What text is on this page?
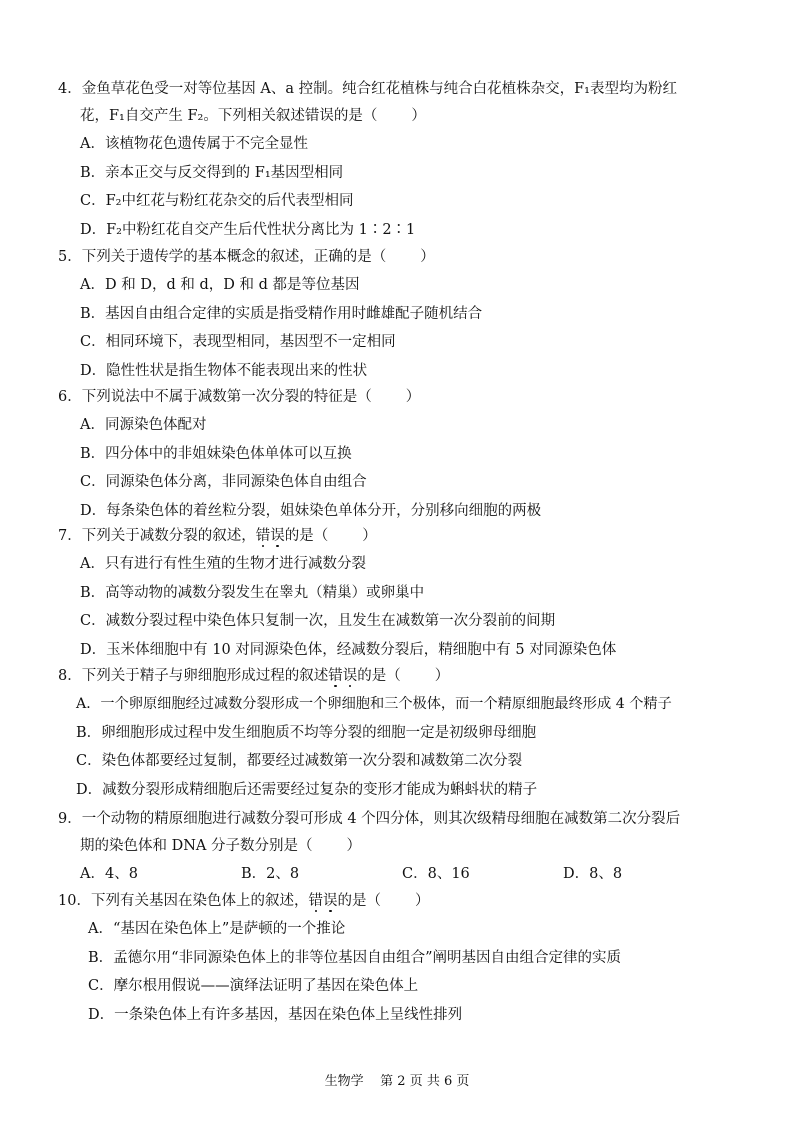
4．金鱼草花色受一对等位基因 A、a 控制。纯合红花植株与纯合白花植株杂交，F₁表型均为粉红
花，F₁自交产生 F₂。下列相关叙述错误的是（ ）
A．该植物花色遗传属于不完全显性
B．亲本正交与反交得到的 F₁基因型相同
C．F₂中红花与粉红花杂交的后代表型相同
D．F₂中粉红花自交产生后代性状分离比为 1∶2∶1
5．下列关于遗传学的基本概念的叙述，正确的是（ ）
A．D 和 D，d 和 d，D 和 d 都是等位基因
B．基因自由组合定律的实质是指受精作用时雌雄配子随机结合
C．相同环境下，表现型相同，基因型不一定相同
D．隐性性状是指生物体不能表现出来的性状
6．下列说法中不属于减数第一次分裂的特征是（ ）
A．同源染色体配对
B．四分体中的非姐妹染色体单体可以互换
C．同源染色体分离，非同源染色体自由组合
D．每条染色体的着丝粒分裂，姐妹染色单体分开，分别移向细胞的两极
7．下列关于减数分裂的叙述，错误的是（ ）
A．只有进行有性生殖的生物才进行减数分裂
B．高等动物的减数分裂发生在睾丸（精巢）或卵巢中
C．减数分裂过程中染色体只复制一次，且发生在减数第一次分裂前的间期
D．玉米体细胞中有 10 对同源染色体，经减数分裂后，精细胞中有 5 对同源染色体
8．下列关于精子与卵细胞形成过程的叙述错误的是（ ）
A．一个卵原细胞经过减数分裂形成一个卵细胞和三个极体，而一个精原细胞最终形成 4 个精子
B．卵细胞形成过程中发生细胞质不均等分裂的细胞一定是初级卵母细胞
C．染色体都要经过复制，都要经过减数第一次分裂和减数第二次分裂
D．减数分裂形成精细胞后还需要经过复杂的变形才能成为蝌蚪状的精子
9．一个动物的精原细胞进行减数分裂可形成 4 个四分体，则其次级精母细胞在减数第二次分裂后
期的染色体和 DNA 分子数分别是（ ）
A．4、8	B．2、8	C．8、16	D．8、8
10．下列有关基因在染色体上的叙述，错误的是（ ）
A．“基因在染色体上”是萨顿的一个推论
B．孟德尔用“非同源染色体上的非等位基因自由组合”阐明基因自由组合定律的实质
C．摩尔根用假说——演绎法证明了基因在染色体上
D．一条染色体上有许多基因，基因在染色体上呈线性排列
生物学 第 2 页 共 6 页
